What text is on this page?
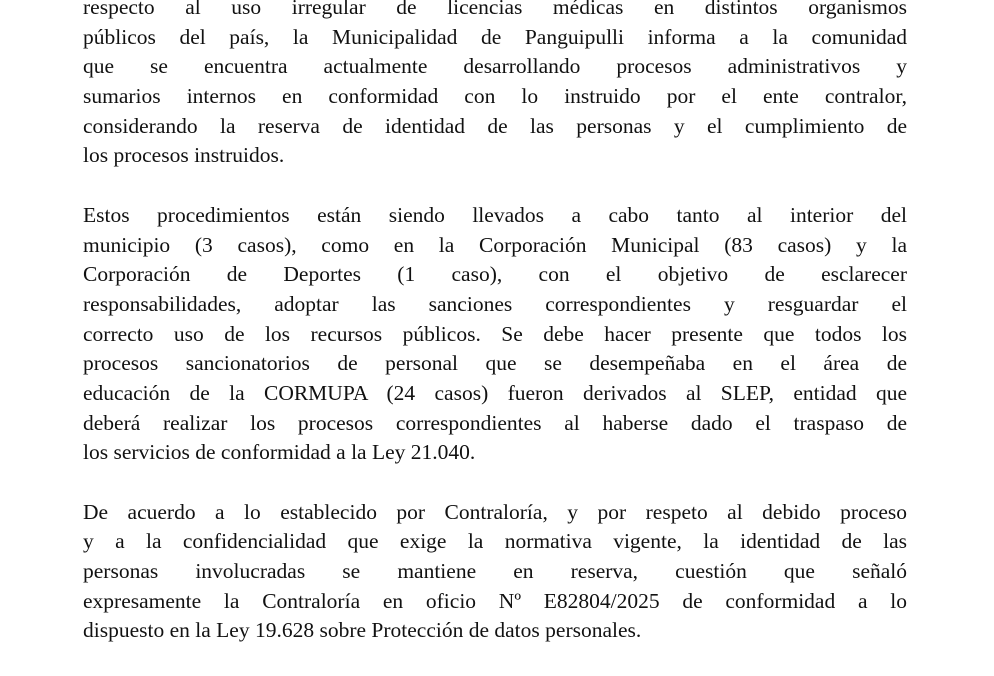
respecto al uso irregular de licencias médicas en distintos organismos
públicos del país, la Municipalidad de Panguipulli informa a la comunidad
que se encuentra actualmente desarrollando procesos administrativos y
sumarios internos en conformidad con lo instruido por el ente contralor,
considerando la reserva de identidad de las personas y el cumplimiento de
los procesos instruidos.

Estos procedimientos están siendo llevados a cabo tanto al interior del
municipio (3 casos), como en la Corporación Municipal (83 casos) y la
Corporación de Deportes (1 caso), con el objetivo de esclarecer
responsabilidades, adoptar las sanciones correspondientes y resguardar el
correcto uso de los recursos públicos. Se debe hacer presente que todos los
procesos sancionatorios de personal que se desempeñaba en el área de
educación de la CORMUPA (24 casos) fueron derivados al SLEP, entidad que
deberá realizar los procesos correspondientes al haberse dado el traspaso de
los servicios de conformidad a la Ley 21.040.

De acuerdo a lo establecido por Contraloría, y por respeto al debido proceso
y a la confidencialidad que exige la normativa vigente, la identidad de las
personas involucradas se mantiene en reserva, cuestión que señaló
expresamente la Contraloría en oficio Nº E82804/2025 de conformidad a lo
dispuesto en la Ley 19.628 sobre Protección de datos personales.
